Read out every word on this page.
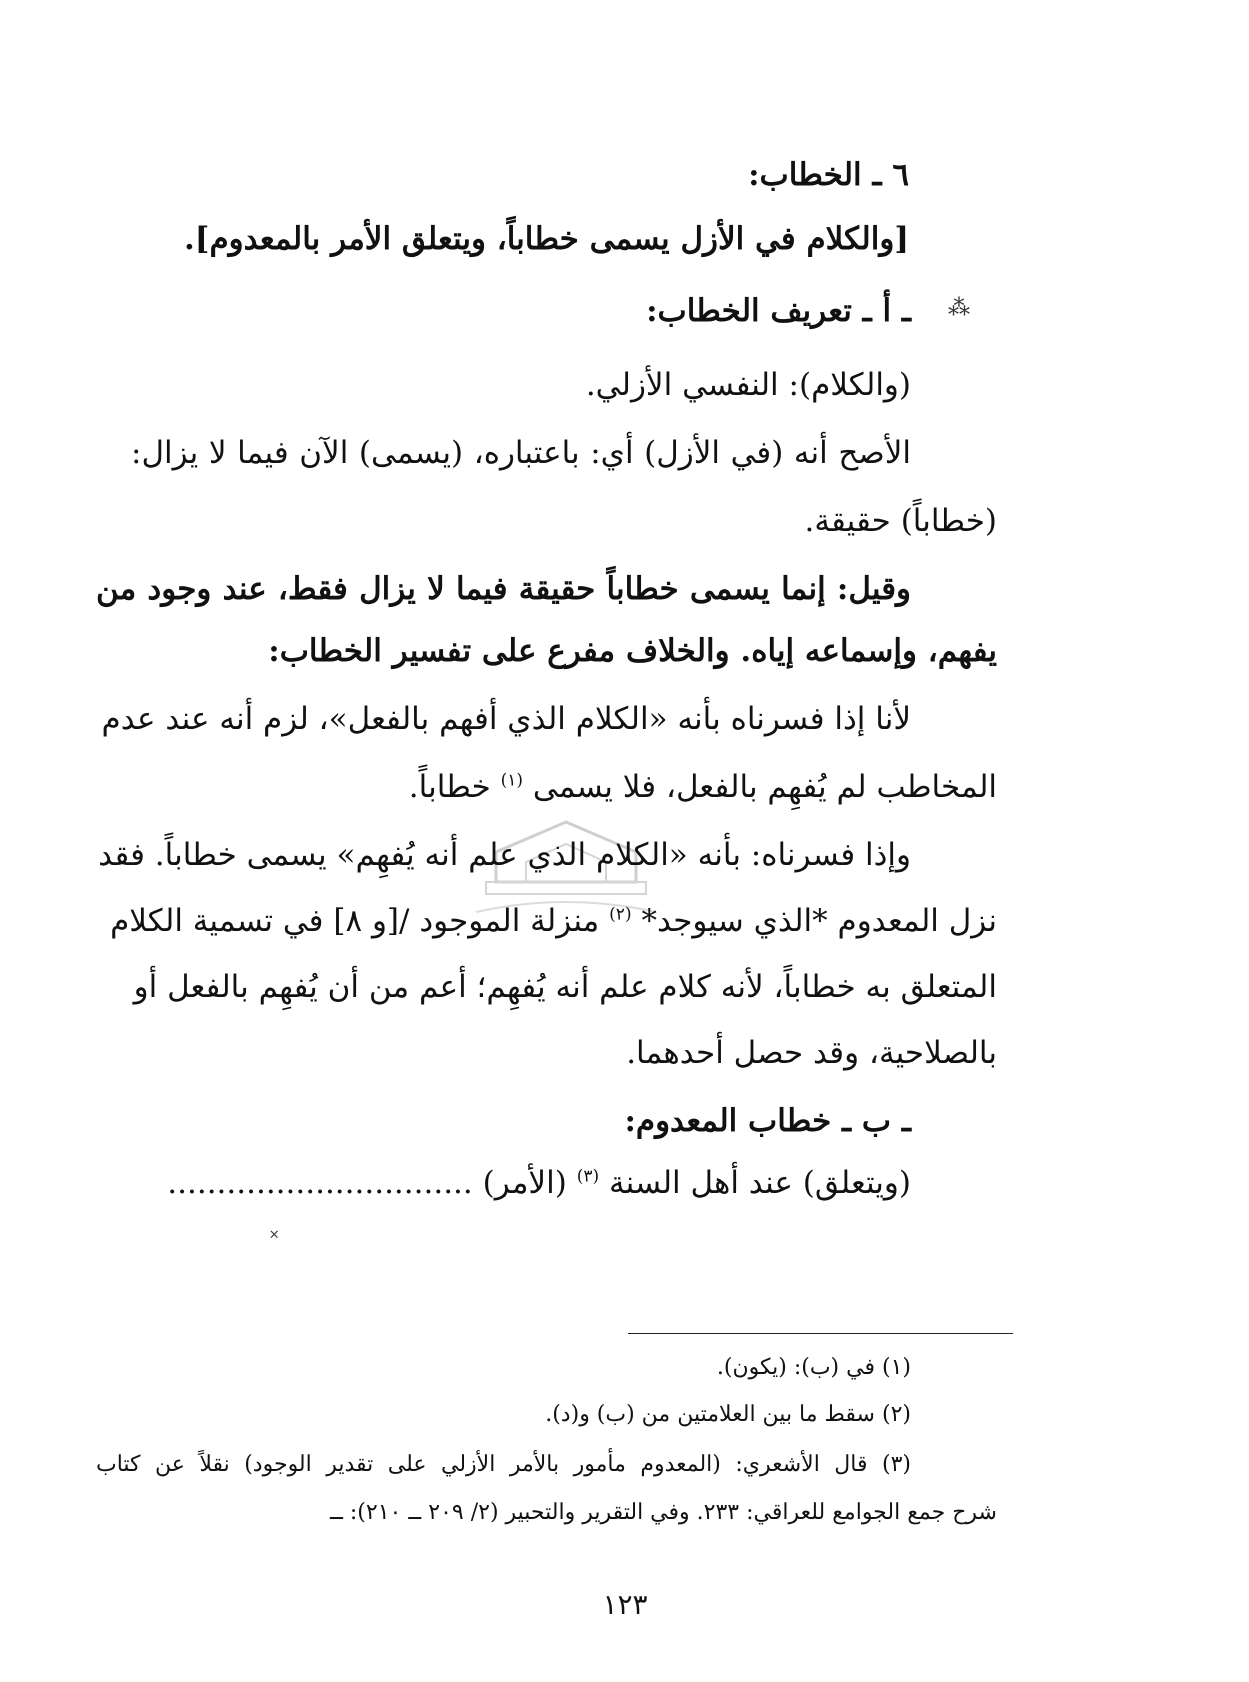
٦ ـ الخطاب:
[والكلام في الأزل يسمى خطاباً، ويتعلق الأمر بالمعدوم].
⁂
ـ أ ـ تعريف الخطاب:
(والكلام): النفسي الأزلي.
الأصح أنه (في الأزل) أي: باعتباره، (يسمى) الآن فيما لا يزال:
(خطاباً) حقيقة.
وقيل: إنما يسمى خطاباً حقيقة فيما لا يزال فقط، عند وجود من
يفهم، وإسماعه إياه. والخلاف مفرع على تفسير الخطاب:
لأنا إذا فسرناه بأنه «الكلام الذي أفهم بالفعل»، لزم أنه عند عدم
المخاطب لم يُفهِم بالفعل، فلا يسمى $^{(١)}$ خطاباً.
وإذا فسرناه: بأنه «الكلام الذي علم أنه يُفهِم» يسمى خطاباً. فقد
نزل المعدوم *الذي سيوجد* $^{(٢)}$ منزلة الموجود /[و ٨] في تسمية الكلام
المتعلق به خطاباً، لأنه كلام علم أنه يُفهِم؛ أعم من أن يُفهِم بالفعل أو
بالصلاحية، وقد حصل أحدهما.
ـ ب ـ خطاب المعدوم:
(ويتعلق) عند أهل السنة $^{(٣)}$ (الأمر) ...............................
˟
(١) في (ب): (يكون).
(٢) سقط ما بين العلامتين من (ب) و(د).
(٣) قال الأشعري: (المعدوم مأمور بالأمر الأزلي على تقدير الوجود) نقلاً عن كتاب
شرح جمع الجوامع للعراقي: ٢٣٣. وفي التقرير والتحبير (٢/ ٢٠٩ ــ ٢١٠): ــ
١٢٣
